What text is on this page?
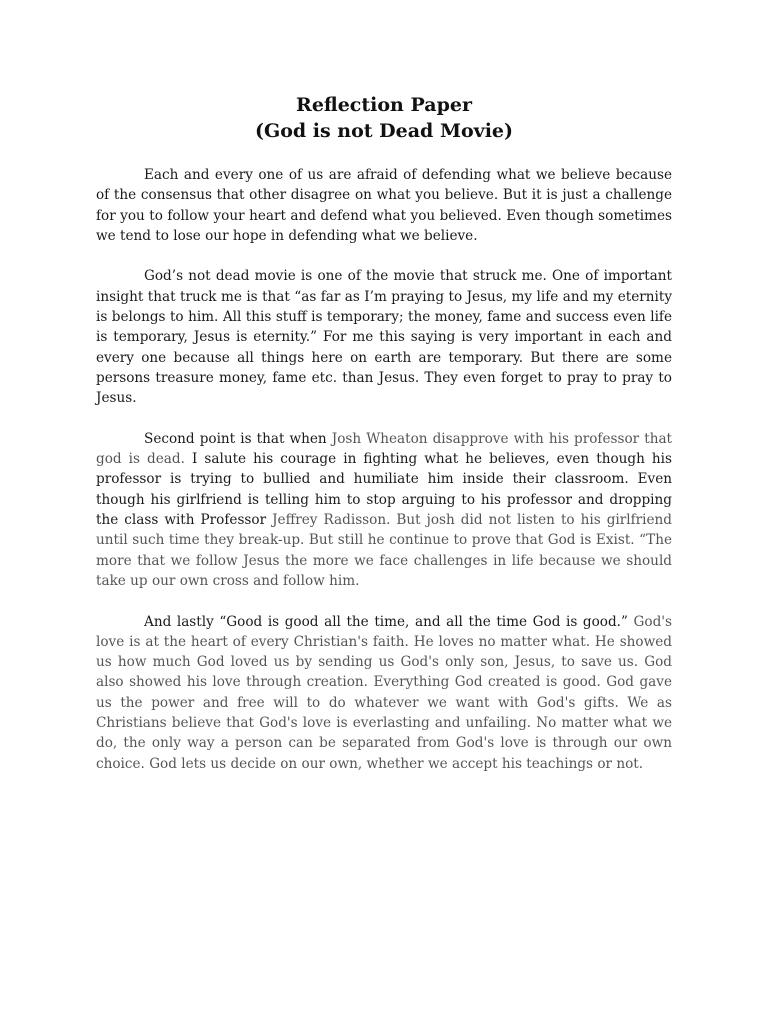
Reflection Paper
(God is not Dead Movie)

Each and every one of us are afraid of defending what we believe because of the consensus that other disagree on what you believe. But it is just a challenge for you to follow your heart and defend what you believed. Even though sometimes we tend to lose our hope in defending what we believe.

God’s not dead movie is one of the movie that struck me. One of important insight that truck me is that “as far as I’m praying to Jesus, my life and my eternity is belongs to him. All this stuff is temporary; the money, fame and success even life is temporary, Jesus is eternity.” For me this saying is very important in each and every one because all things here on earth are temporary. But there are some persons treasure money, fame etc. than Jesus. They even forget to pray to pray to Jesus.

Second point is that when Josh Wheaton disapprove with his professor that god is dead. I salute his courage in fighting what he believes, even though his professor is trying to bullied and humiliate him inside their classroom. Even though his girlfriend is telling him to stop arguing to his professor and dropping the class with Professor Jeffrey Radisson. But josh did not listen to his girlfriend until such time they break-up. But still he continue to prove that God is Exist. “The more that we follow Jesus the more we face challenges in life because we should take up our own cross and follow him.

And lastly “Good is good all the time, and all the time God is good.” God's love is at the heart of every Christian's faith. He loves no matter what. He showed us how much God loved us by sending us God's only son, Jesus, to save us. God also showed his love through creation. Everything God created is good. God gave us the power and free will to do whatever we want with God's gifts. We as Christians believe that God's love is everlasting and unfailing. No matter what we do, the only way a person can be separated from God's love is through our own choice. God lets us decide on our own, whether we accept his teachings or not.
